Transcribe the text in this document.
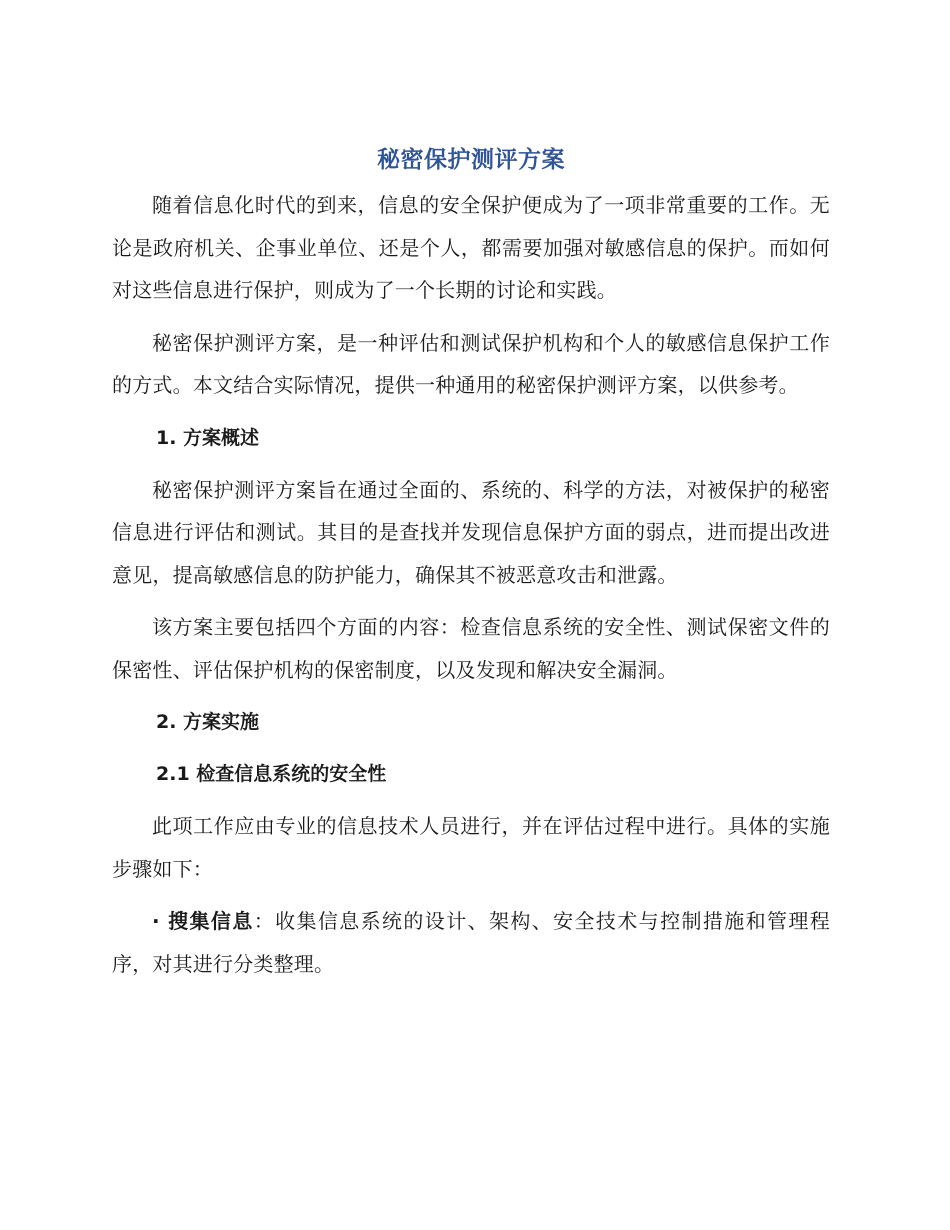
秘密保护测评方案

随着信息化时代的到来，信息的安全保护便成为了一项非常重要的工作。无论是政府机关、企事业单位、还是个人，都需要加强对敏感信息的保护。而如何对这些信息进行保护，则成为了一个长期的讨论和实践。

秘密保护测评方案，是一种评估和测试保护机构和个人的敏感信息保护工作的方式。本文结合实际情况，提供一种通用的秘密保护测评方案，以供参考。

1. 方案概述

秘密保护测评方案旨在通过全面的、系统的、科学的方法，对被保护的秘密信息进行评估和测试。其目的是查找并发现信息保护方面的弱点，进而提出改进意见，提高敏感信息的防护能力，确保其不被恶意攻击和泄露。

该方案主要包括四个方面的内容：检查信息系统的安全性、测试保密文件的保密性、评估保护机构的保密制度，以及发现和解决安全漏洞。

2. 方案实施
2.1 检查信息系统的安全性

此项工作应由专业的信息技术人员进行，并在评估过程中进行。具体的实施步骤如下：

· 搜集信息：收集信息系统的设计、架构、安全技术与控制措施和管理程序，对其进行分类整理。
